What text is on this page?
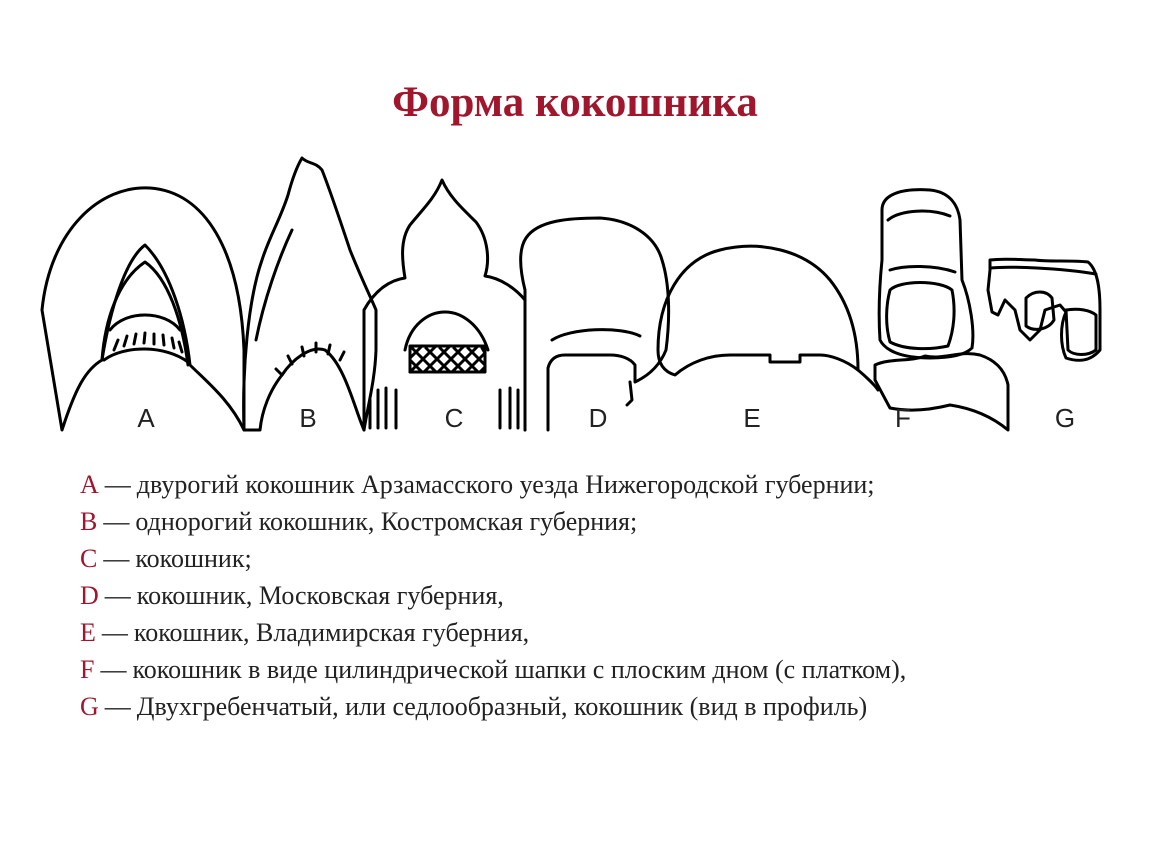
Форма кокошника
A	B	C	D	E	F	G
A — двурогий кокошник Арзамасского уезда Нижегородской губернии;
B — однорогий кокошник, Костромская губерния;
C — кокошник;
D — кокошник, Московская губерния,
E — кокошник, Владимирская губерния,
F — кокошник в виде цилиндрической шапки с плоским дном (с платком),
G — Двухгребенчатый, или седлообразный, кокошник (вид в профиль)
